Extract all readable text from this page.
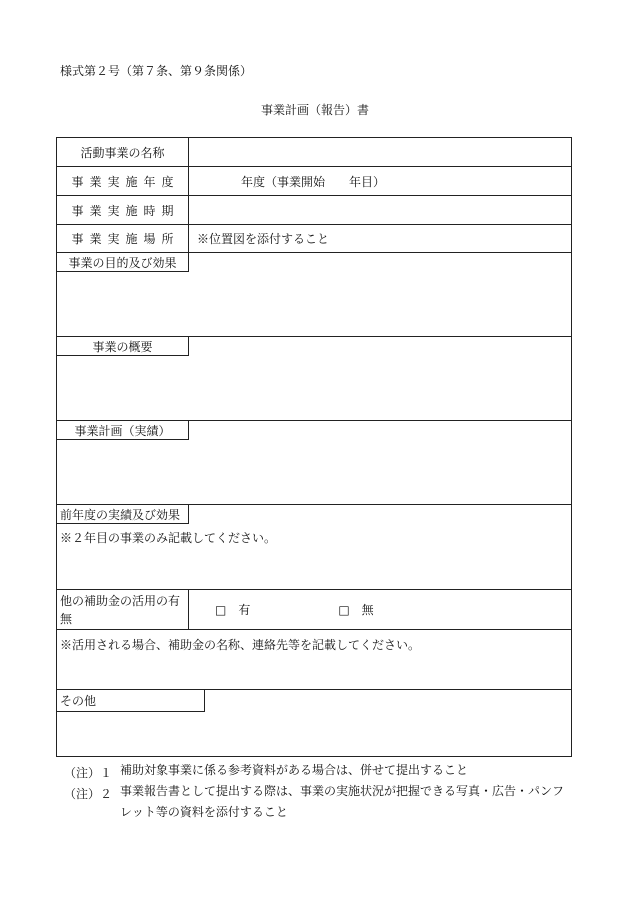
様式第２号（第７条、第９条関係）
事業計画（報告）書
活動事業の名称
事業実施年度	年度（事業開始　　年目）
事業実施時期
事業実施場所	※位置図を添付すること
事業の目的及び効果
事業の概要
事業計画（実績）
前年度の実績及び効果
※２年目の事業のみ記載してください。
他の補助金の活用の有無
□　有	□　無
※活用される場合、補助金の名称、連絡先等を記載してください。
その他
（注）１ 補助対象事業に係る参考資料がある場合は、併せて提出すること
（注）２ 事業報告書として提出する際は、事業の実施状況が把握できる写真・広告・パンフレット等の資料を添付すること
